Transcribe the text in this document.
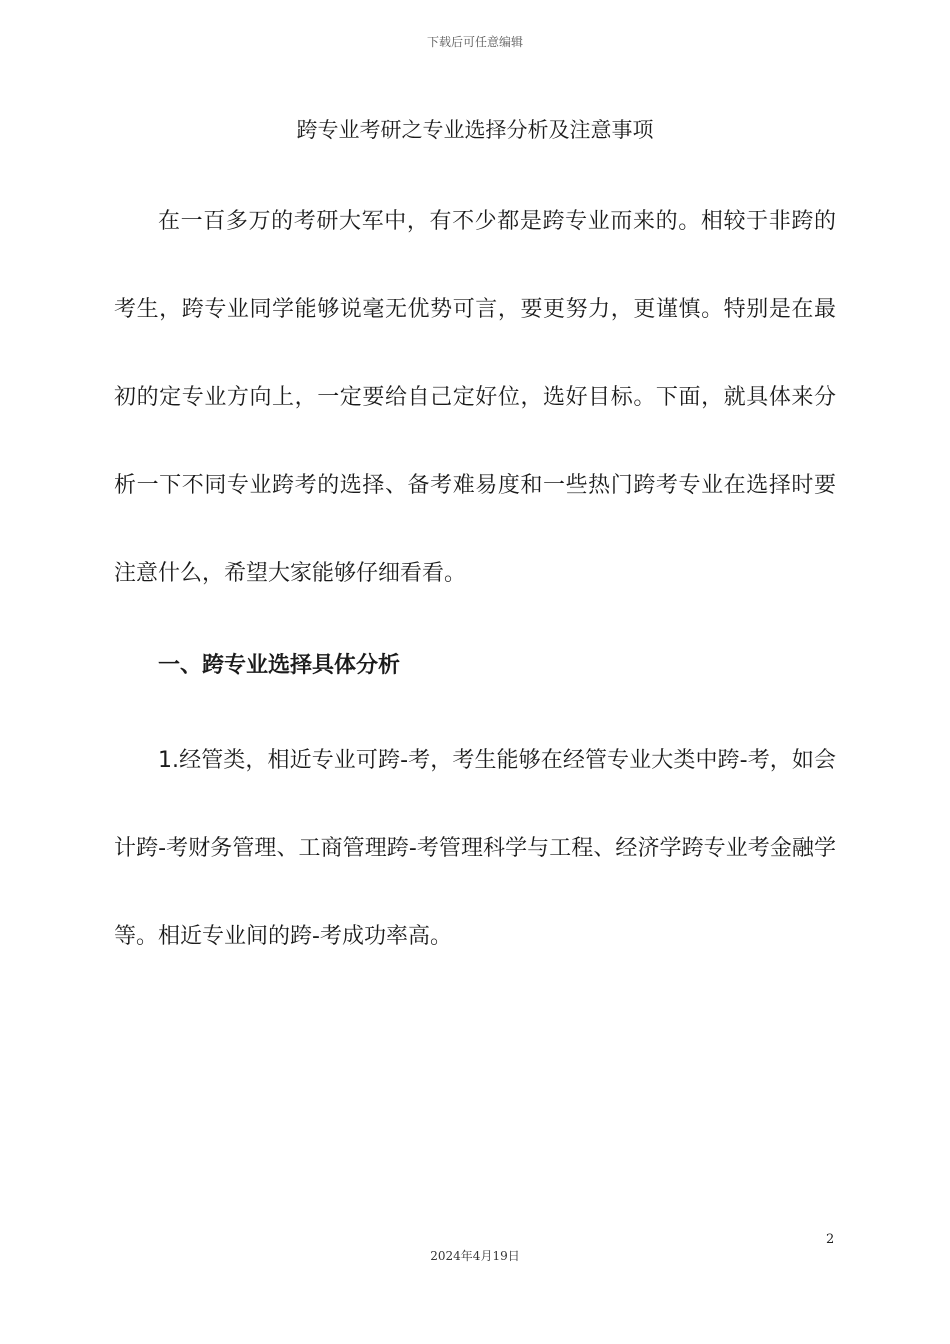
下载后可任意编辑
跨专业考研之专业选择分析及注意事项

在一百多万的考研大军中，有不少都是跨专业而来的。相较于非跨的考生，跨专业同学能够说毫无优势可言，要更努力，更谨慎。特别是在最初的定专业方向上，一定要给自己定好位，选好目标。下面，就具体来分析一下不同专业跨考的选择、备考难易度和一些热门跨考专业在选择时要注意什么，希望大家能够仔细看看。

一、跨专业选择具体分析

1.经管类，相近专业可跨-考，考生能够在经管专业大类中跨-考，如会计跨-考财务管理、工商管理跨-考管理科学与工程、经济学跨专业考金融学等。相近专业间的跨-考成功率高。

2
2024年4月19日
